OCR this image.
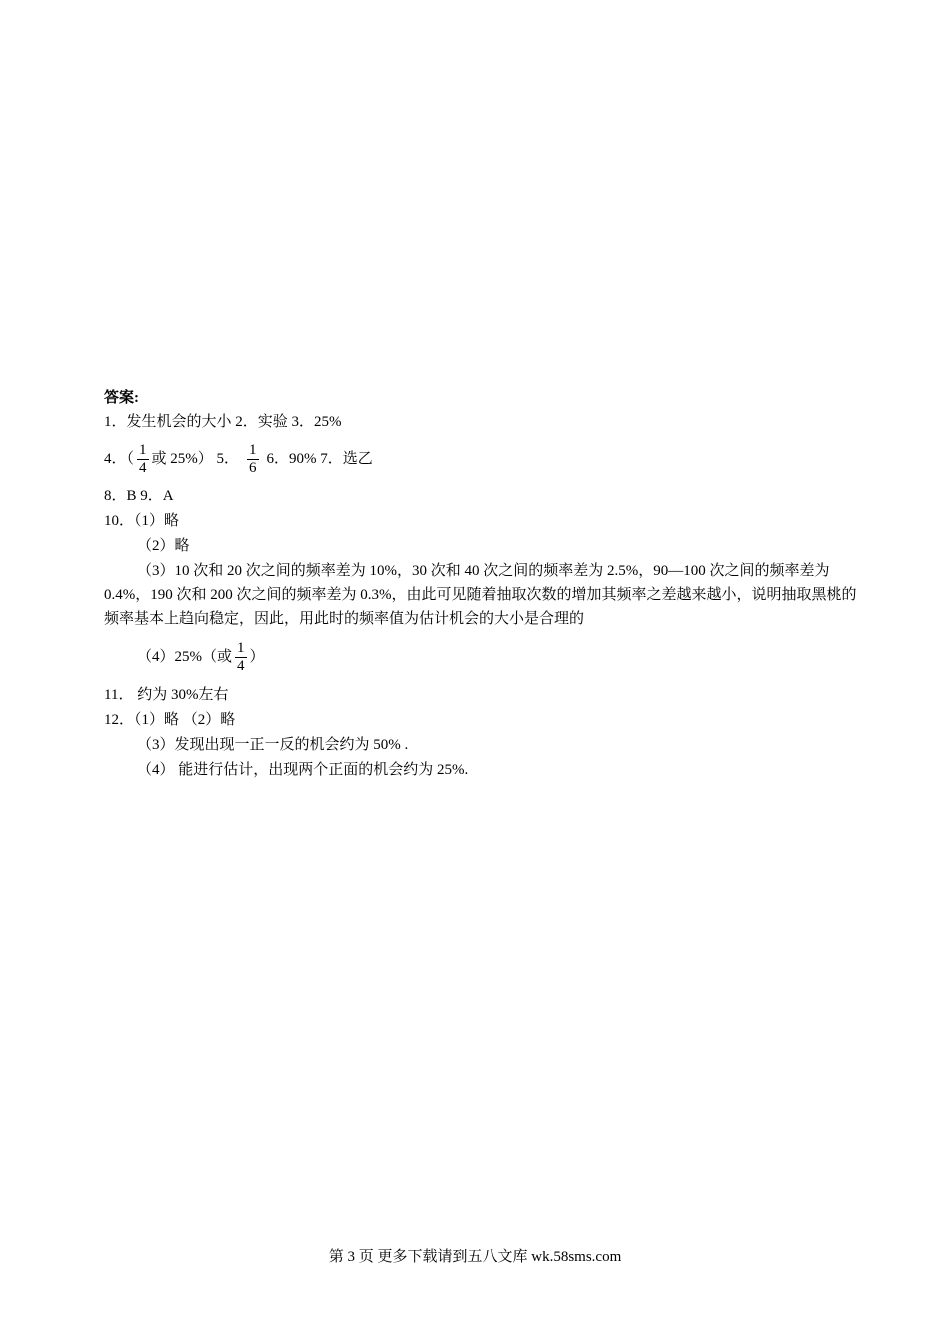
答案:
1．发生机会的大小 2．实验 3．25%
4．（ $\frac{1}{4}$ 或 25%） 5． $\frac{1}{6} 6$．90% 7．选乙
8．B 9．A
10．（1）略
（2）略
（3）10 次和 20 次之间的频率差为 10%，30 次和 40 次之间的频率差为 2.5%，90—100 次之间的频率差为 0.4%，190 次和 200 次之间的频率差为 0.3%，由此可见随着抽取次数的增加其频率之差越来越小，说明抽取黑桃的频率基本上趋向稳定，因此，用此时的频率值为估计机会的大小是合理的
（4）25%（或 $\frac{1}{4}$ ）
11． 约为 30%左右
12．（1）略 （2）略
（3）发现出现一正一反的机会约为 50% .
（4） 能进行估计，出现两个正面的机会约为 25%.
第 3 页 更多下载请到五八文库 wk.58sms.com
